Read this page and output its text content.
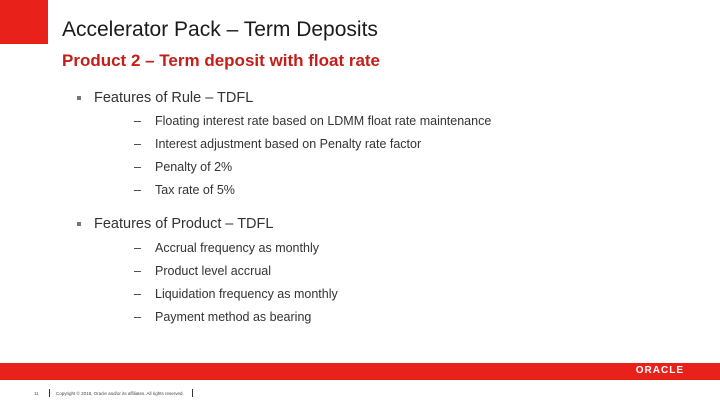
Accelerator Pack – Term Deposits
Product 2 – Term deposit with float rate
Features of Rule – TDFL
– Floating interest rate based on LDMM float rate maintenance
– Interest adjustment based on Penalty rate factor
– Penalty of 2%
– Tax rate of 5%
Features of Product – TDFL
– Accrual frequency as monthly
– Product level accrual
– Liquidation frequency as monthly
– Payment method as bearing
ORACLE
11	Copyright © 2018, Oracle and/or its affiliates. All rights reserved.
